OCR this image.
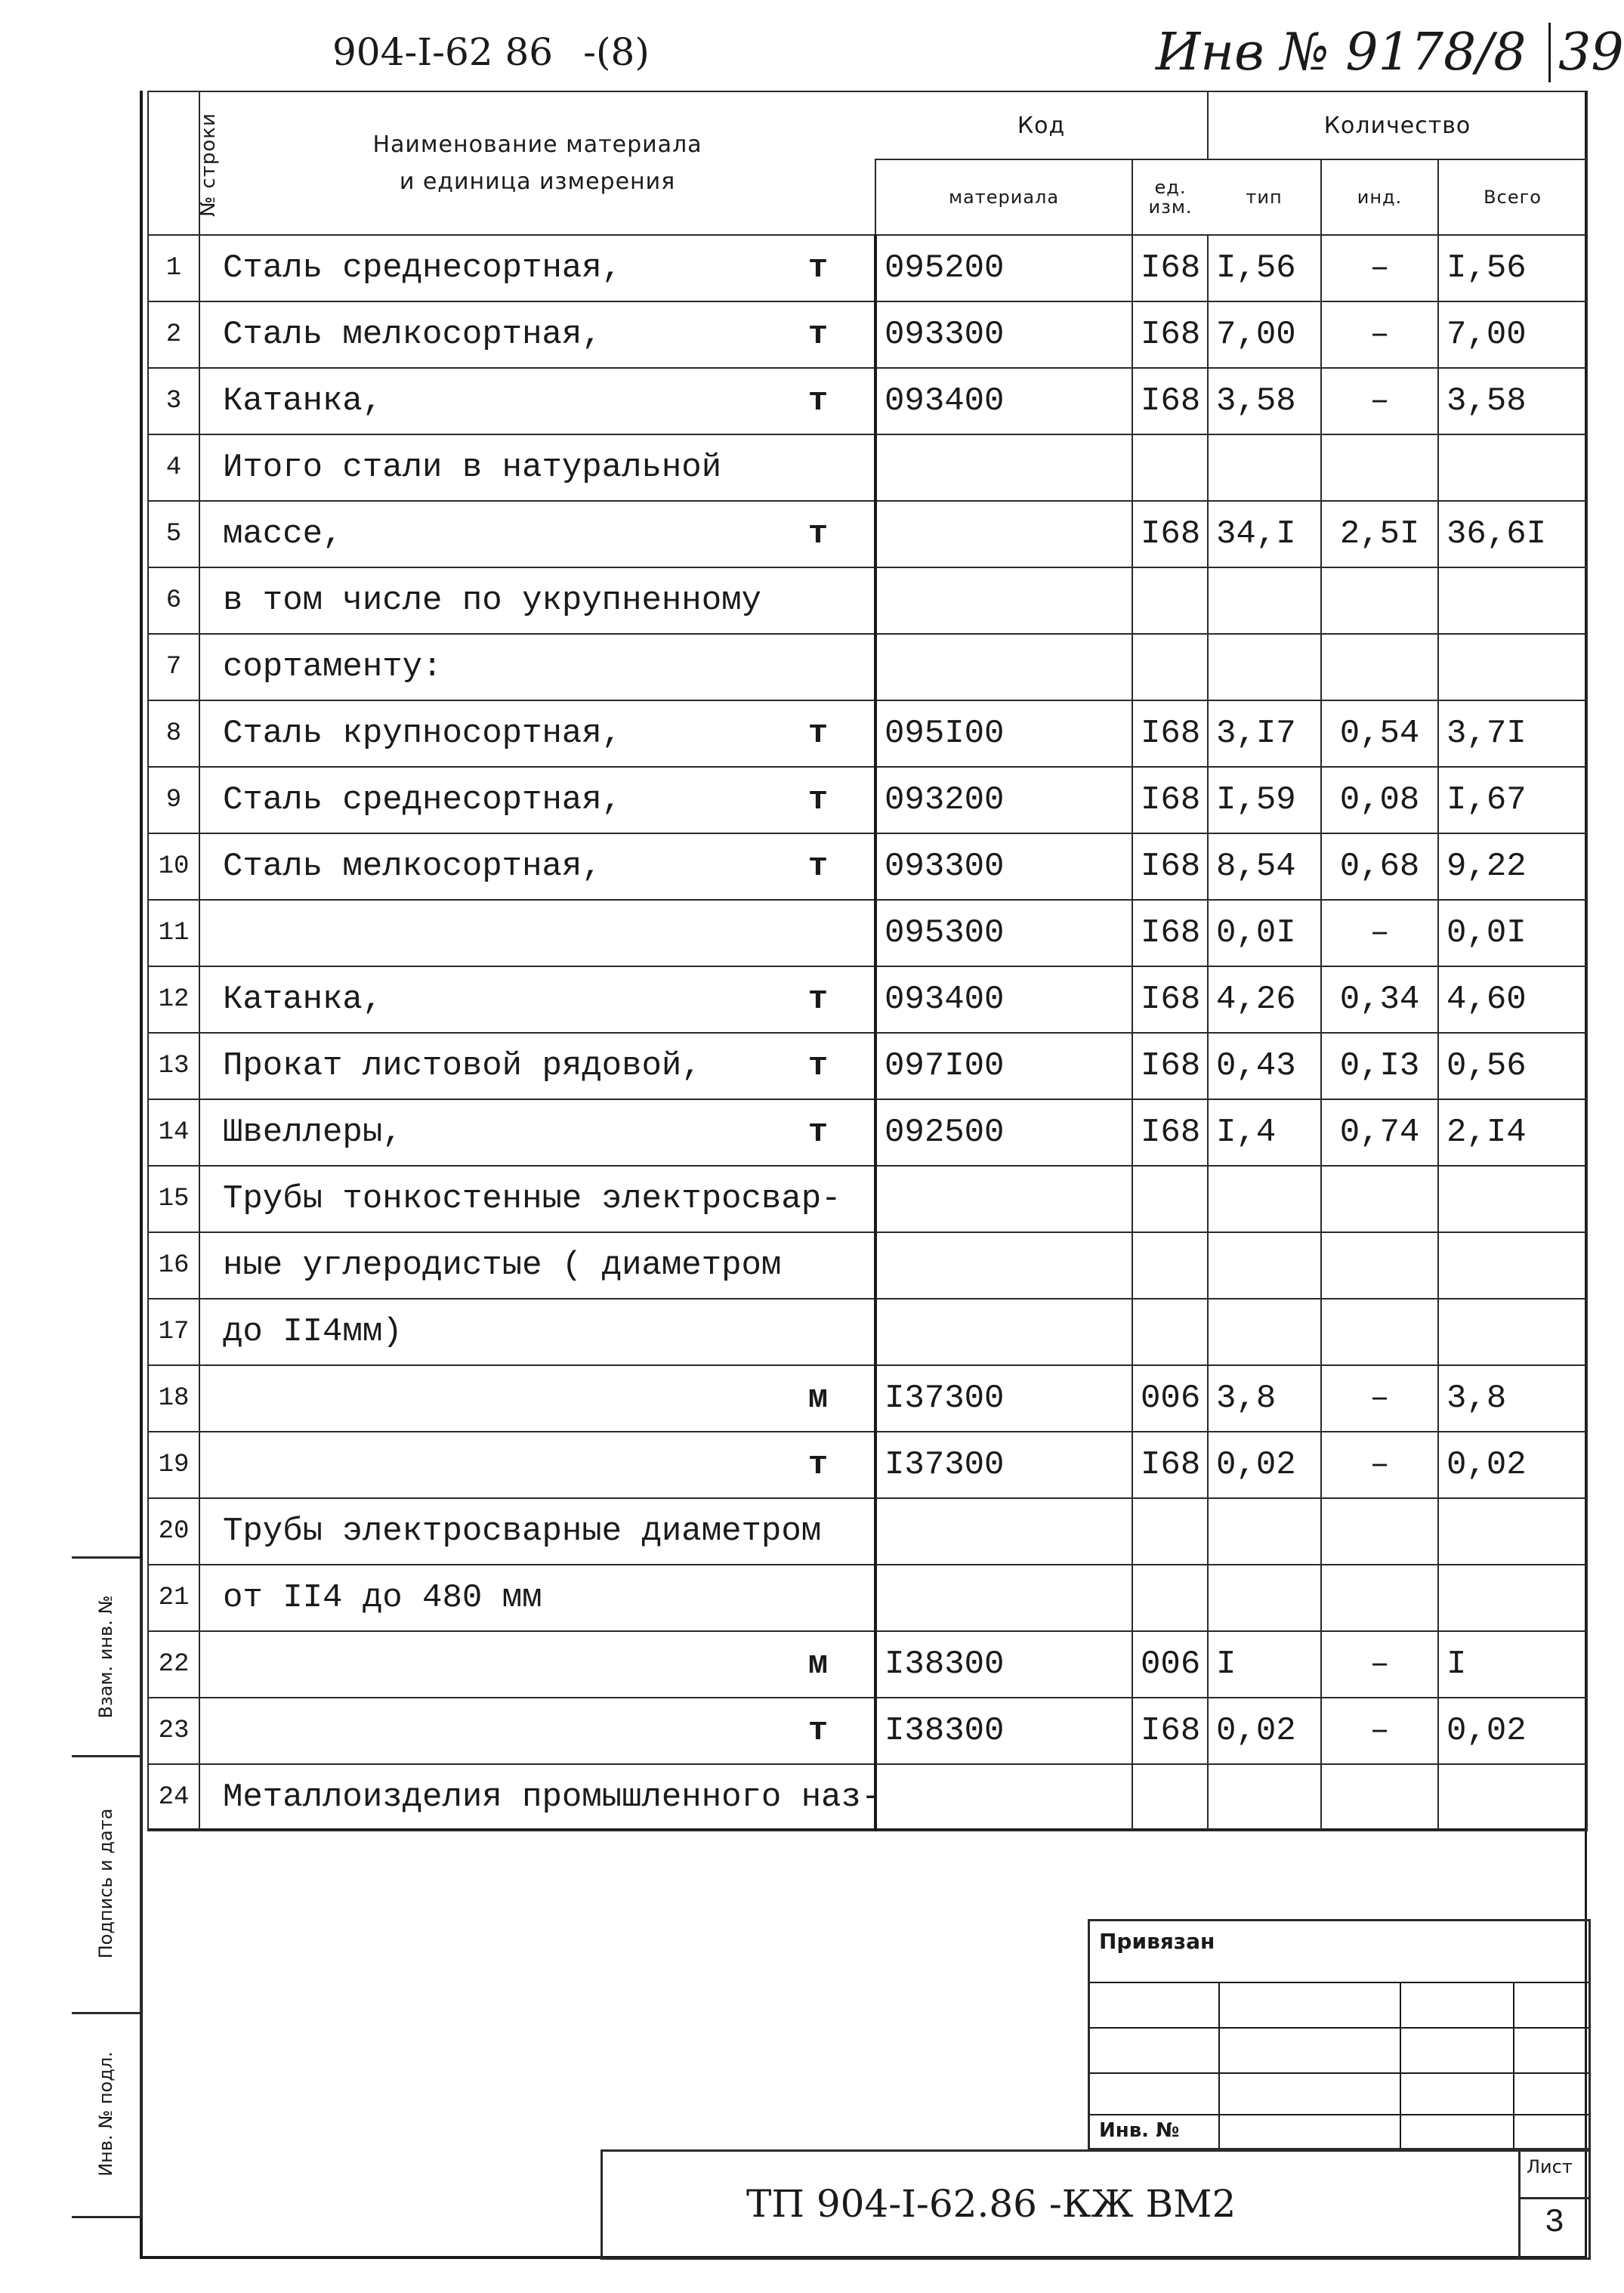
904-I-62 86 -(8)	Инв № 9178/8 39
№ строки	Наименование материала
и единица измерения		Код		Количество		
			материала	ед. изм.	тип	инд.	Всего
1	Сталь среднесортная,	т	095200	I68	I,56	–	I,56
2	Сталь мелкосортная,	т	093300	I68	7,00	–	7,00
3	Катанка,	т	093400	I68	3,58	–	3,58
4	Итого стали в натуральной						
5	массе,	т		I68	34,I	2,5I	36,6I
6	в том числе по укрупненному						
7	сортаменту:						
8	Сталь крупносортная,	т	095I00	I68	3,I7	0,54	3,7I
9	Сталь среднесортная,	т	093200	I68	I,59	0,08	I,67
10	Сталь мелкосортная,	т	093300	I68	8,54	0,68	9,22
11			095300	I68	0,0I	–	0,0I
12	Катанка,	т	093400	I68	4,26	0,34	4,60
13	Прокат листовой рядовой,	т	097I00	I68	0,43	0,I3	0,56
14	Швеллеры,	т	092500	I68	I,4	0,74	2,I4
15	Трубы тонкостенные электросвар-						
16	ные углеродистые ( диаметром						
17	до II4мм)						
18		м	I37300	006	3,8	–	3,8
19		т	I37300	I68	0,02	–	0,02
20	Трубы электросварные диаметром						
21	от II4 до 480 мм						
22		м	I38300	006	I	–	I
23		т	I38300	I68	0,02	–	0,02
24	Металлоизделия промышленного наз-						
Взам. инв. №
Подпись и дата
Инв. № подл.
Привязан
Инв. №
ТП 904-I-62.86 -КЖ ВМ2
Лист
3
